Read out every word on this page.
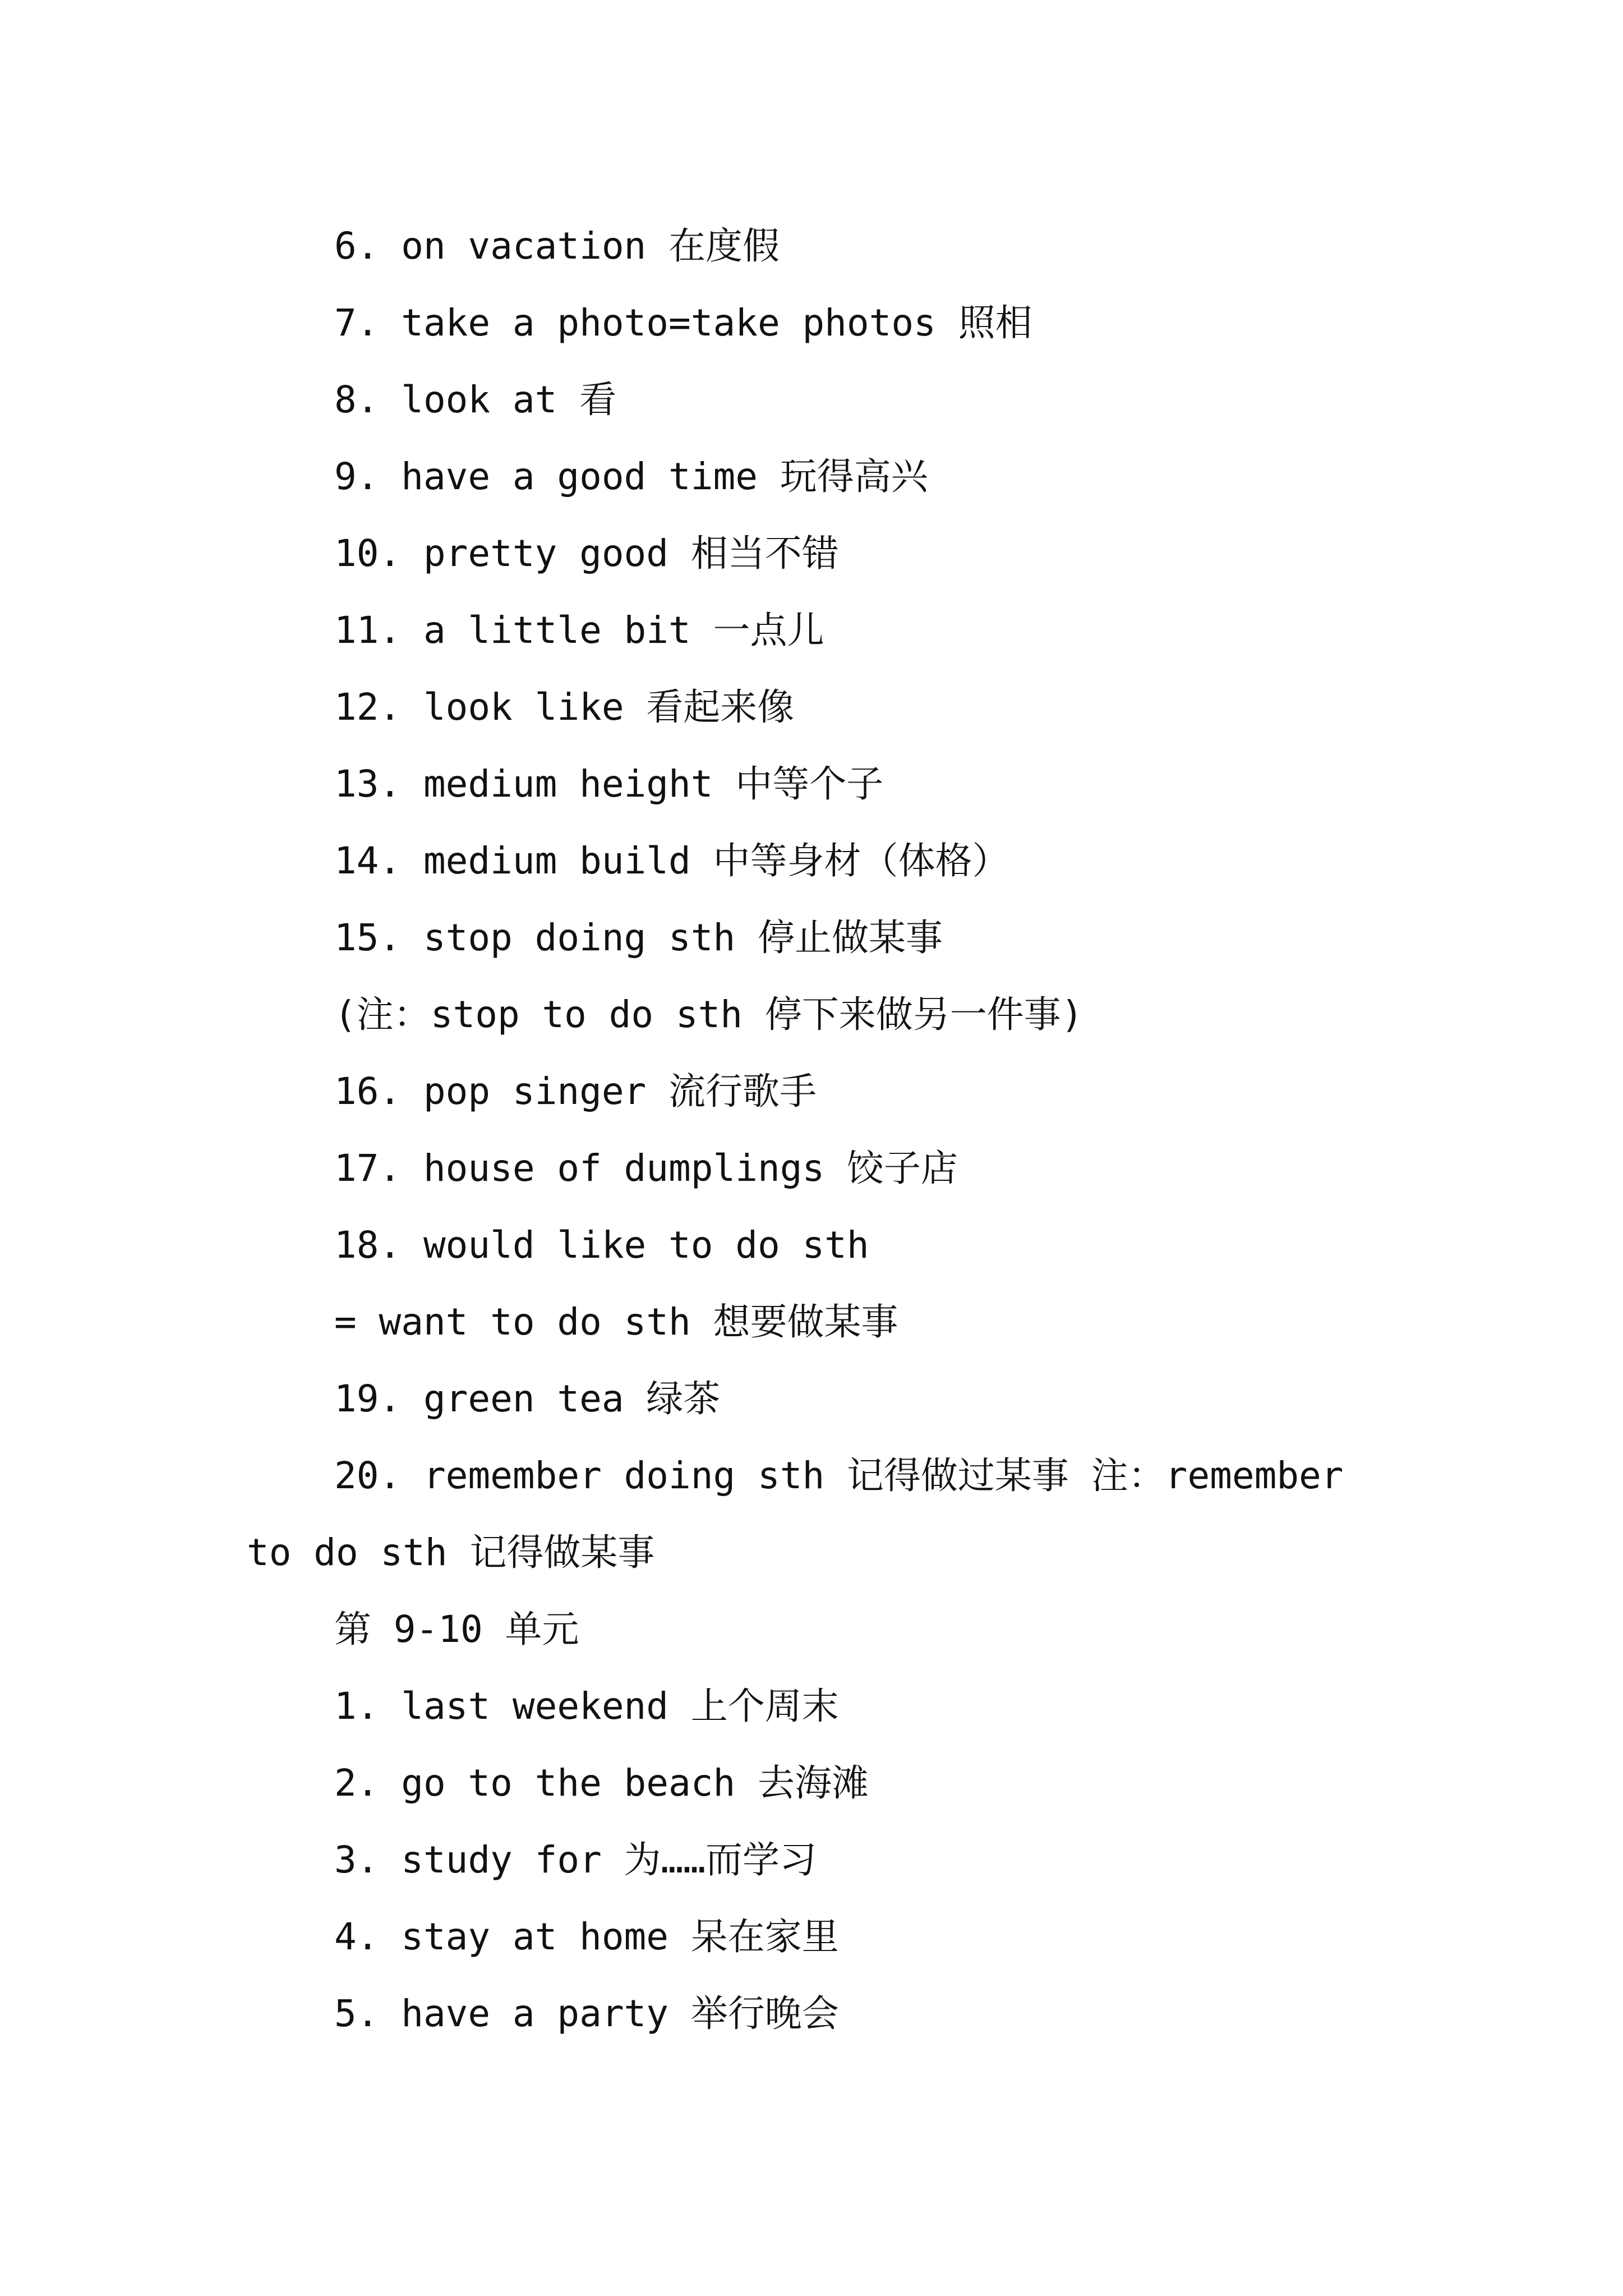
6. on vacation 在度假
7. take a photo=take photos 照相
8. look at 看
9. have a good time 玩得高兴
10. pretty good 相当不错
11. a little bit 一点儿
12. look like 看起来像
13. medium height 中等个子
14. medium build 中等身材（体格）
15. stop doing sth 停止做某事
(注：stop to do sth 停下来做另一件事)
16. pop singer 流行歌手
17. house of dumplings 饺子店
18. would like to do sth
= want to do sth 想要做某事
19. green tea 绿茶
20. remember doing sth 记得做过某事 注：remember to do sth 记得做某事
第 9-10 单元
1. last weekend 上个周末
2. go to the beach 去海滩
3. study for 为……而学习
4. stay at home 呆在家里
5. have a party 举行晚会
